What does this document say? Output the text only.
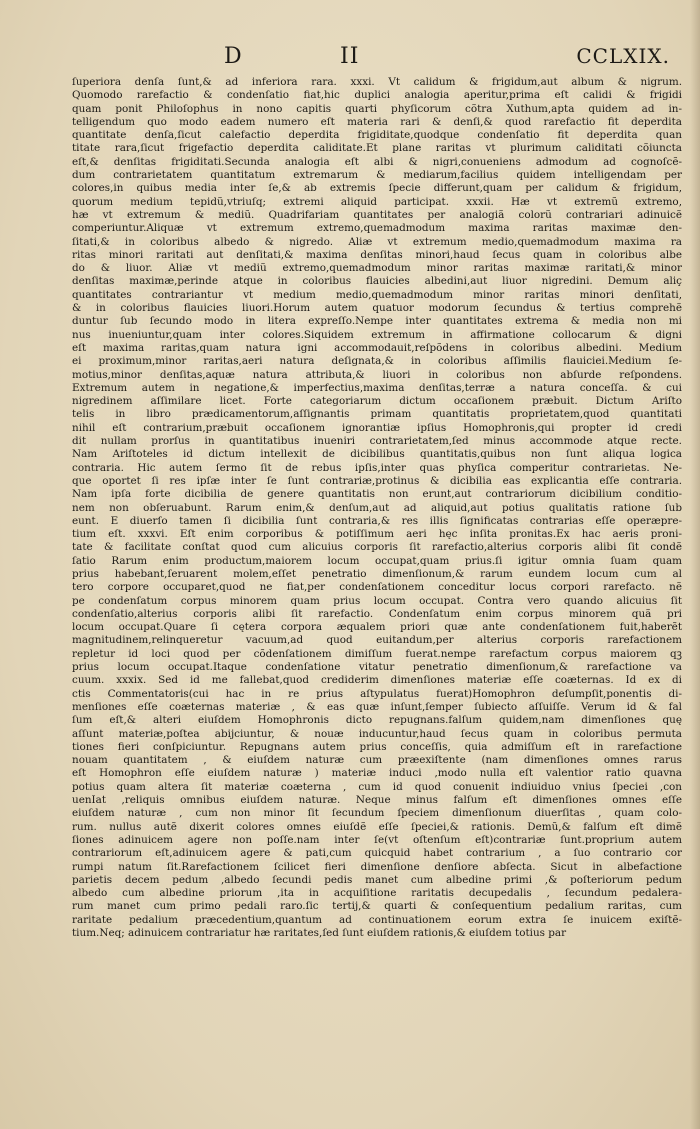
D	II	CCLXIX.
ſuperiora denſa ſunt,& ad inferiora rara. xxxi. Vt calidum & frigidum,aut album & nigrum.
Quomodo rarefactio & condenſatio fiat,hic duplici analogia aperitur,prima eſt calidi & frigidi
quam ponit Philoſophus in nono capitis quarti phyſicorum cõtra Xuthum,apta quidem ad in-
telligendum quo modo eadem numero eſt materia rari & denſi,& quod rarefactio fit deperdita
quantitate denſa,ſicut calefactio deperdita frigiditate,quodque condenſatio fit deperdita quan
titate rara,ſicut frigefactio deperdita caliditate.Et plane raritas vt plurimum caliditati cõiuncta
eſt,& denſitas frigiditati.Secunda analogia eſt albi & nigri,conueniens admodum ad cognoſcẽ-
dum contrarietatem quantitatum extremarum & mediarum,facilius quidem intelligendam per
colores,in quibus media inter ſe,& ab extremis ſpecie differunt,quam per calidum & frigidum,
quorum medium tepidũ,vtriuſq; extremi aliquid participat. xxxii. Hæ vt extremũ extremo,
hæ vt extremum & mediũ. Quadrifariam quantitates per analogiã colorũ contrariari adinuicẽ
comperiuntur.Aliquæ vt extremum extremo,quemadmodum maxima raritas maximæ den-
ſitati,& in coloribus albedo & nigredo. Aliæ vt extremum medio,quemadmodum maxima ra
ritas minori raritati aut denſitati,& maxima denſitas minori,haud ſecus quam in coloribus albe
do & liuor. Aliæ vt mediũ extremo,quemadmodum minor raritas maximæ raritati,& minor
denſitas maximæ,perinde atque in coloribus flauicies albedini,aut liuor nigredini. Demum aliç
quantitates contrariantur vt medium medio,quemadmodum minor raritas minori denſitati,
& in coloribus flauicies liuori.Horum autem quatuor modorum ſecundus & tertius comprehẽ
duntur ſub ſecundo modo in litera expreſſo.Nempe inter quantitates extrema & media non mi
nus inueniuntur,quam inter colores.Siquidem extremum in affirmatione collocarum & digni
eſt maxima raritas,quam natura igni accommodauit,reſpõdens in coloribus albedini. Medium
ei proximum,minor raritas,aeri natura deſignata,& in coloribus aſſimilis flauiciei.Medium ſe-
motius,minor denſitas,aquæ natura attributa,& liuori in coloribus non abſurde reſpondens.
Extremum autem in negatione,& imperfectius,maxima denſitas,terræ a natura conceſſa. & cui
nigredinem aſſimilare licet. Forte categoriarum dictum occaſionem præbuit. Dictum Ariſto
telis in libro prædicamentorum,aſſignantis primam quantitatis proprietatem,quod quantitati
nihil eſt contrarium,præbuit occaſionem ignorantiæ ipſius Homophronis,qui propter id credi
dit nullam prorſus in quantitatibus inueniri contrarietatem,ſed minus accommode atque recte.
Nam Ariſtoteles id dictum intellexit de dicibilibus quantitatis,quibus non ſunt aliqua logica
contraria. Hic autem ſermo ſit de rebus ipſis,inter quas phyſica comperitur contrarietas. Ne-
que oportet ſi res ipſæ inter ſe ſunt contrariæ,protinus & dicibilia eas explicantia eſſe contraria.
Nam ipſa forte dicibilia de genere quantitatis non erunt,aut contrariorum dicibilium conditio-
nem non obſeruabunt. Rarum enim,& denſum,aut ad aliquid,aut potius qualitatis ratione ſub
eunt. E diuerſo tamen ſi dicibilia ſunt contraria,& res illis ſignificatas contrarias eſſe operæpre-
tium eſt. xxxvi. Eſt enim corporibus & potiſſimum aeri hęc inſita pronitas.Ex hac aeris proni-
tate & facilitate conſtat quod cum alicuius corporis ſit rarefactio,alterius corporis alibi ſit condẽ
ſatio Rarum enim productum,maiorem locum occupat,quam prius.ſi igitur omnia ſuam quam
prius habebant,ſeruarent molem,eſſet penetratio dimenſionum,& rarum eundem locum cum al
tero corpore occuparet,quod ne fiat,per condenſationem conceditur locus corpori rarefacto. nẽ
pe condenſatum corpus minorem quam prius locum occupat. Contra vero quando alicuius ſit
condenſatio,alterius corporis alibi ſit rarefactio. Condenſatum enim corpus minorem quã pri
locum occupat.Quare ſi cętera corpora æqualem priori quæ ante condenſationem fuit,haberẽt
magnitudinem,relinqueretur vacuum,ad quod euitandum,per alterius corporis rarefactionem
repletur id loci quod per cõdenſationem dimiſſum fuerat.nempe rarefactum corpus maiorem qꝫ
prius locum occupat.Itaque condenſatione vitatur penetratio dimenſionum,& rarefactione va
cuum. xxxix. Sed id me fallebat,quod crediderim dimenſiones materiæ eſſe coæternas. Id ex di
ctis Commentatoris(cui hac in re prius aſtypulatus fuerat)Homophron deſumpſit,ponentis di-
menſiones eſſe coæternas materiæ , & eas quæ inſunt,ſemper ſubiecto aſſuiſſe. Verum id & fal
ſum eſt,& alteri eiuſdem Homophronis dicto repugnans.falſum quidem,nam dimenſiones quę
aſſunt materiæ,poſtea abijciuntur, & nouæ inducuntur,haud ſecus quam in coloribus permuta
tiones fieri conſpiciuntur. Repugnans autem prius conceſſis, quia admiſſum eſt in rarefactione
nouam quantitatem , & eiuſdem naturæ cum præexiſtente (nam dimenſiones omnes rarus
eſt Homophron eſſe eiuſdem naturæ ) materiæ induci ,modo nulla eſt valentior ratio quavna
potius quam altera ſit materiæ coæterna , cum id quod conuenit indiuiduo vnius ſpeciei ,con
uenIat ,reliquis omnibus eiuſdem naturæ. Neque minus falſum eſt dimenſiones omnes eſſe
eiuſdem naturæ , cum non minor ſit ſecundum ſpeciem dimenſionum diuerſitas , quam colo-
rum. nullus autẽ dixerit colores omnes eiuſdẽ eſſe ſpeciei,& rationis. Demũ,& falſum eſt dimẽ
ſiones adinuicem agere non poſſe.nam inter ſe(vt oſtenſum eſt)contrariæ ſunt.proprium autem
contrariorum eſt,adinuicem agere & pati,cum quicquid habet contrarium , a ſuo contrario cor
rumpi natum ſit.Rarefactionem ſcilicet fieri dimenſione denſiore abſecta. Sicut in albefactione
parietis decem pedum ,albedo ſecundi pedis manet cum albedine primi ,& poſteriorum pedum
albedo cum albedine priorum ,ita in acquiſitione raritatis decupedalis , ſecundum pedalera-
rum manet cum primo pedali raro.ſic tertij,& quarti & conſequentium pedalium raritas, cum
raritate pedalium præcedentium,quantum ad continuationem eorum extra ſe inuicem exiſtẽ-
tium.Neq; adinuicem contrariatur hæ raritates,ſed ſunt eiuſdem rationis,& eiuſdem totius par
